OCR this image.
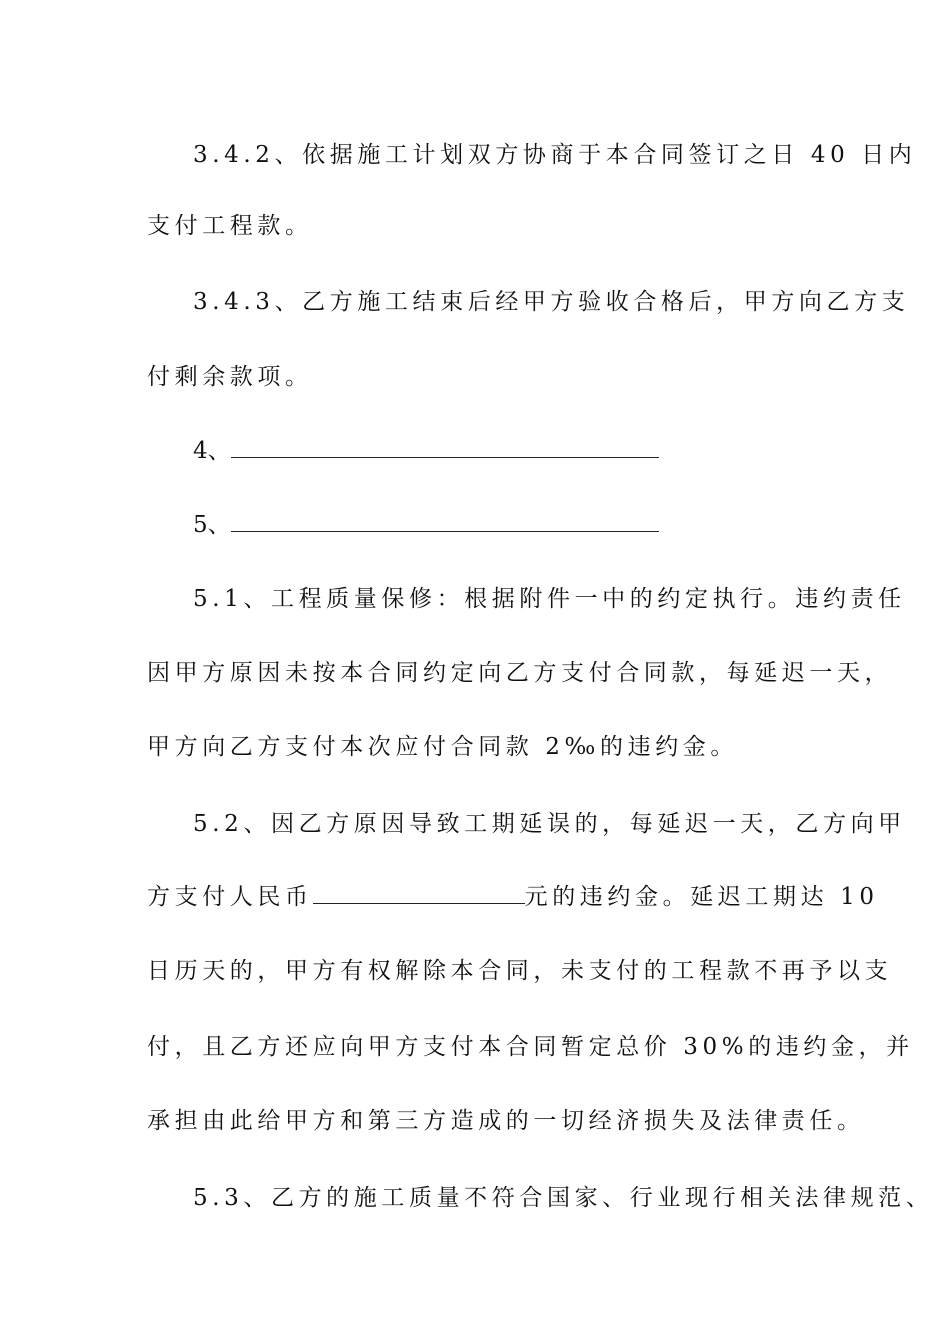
3.4.2、依据施工计划双方协商于本合同签订之日 40 日内
支付工程款。
3.4.3、乙方施工结束后经甲方验收合格后，甲方向乙方支
付剩余款项。
4、
5、
5.1、工程质量保修：根据附件一中的约定执行。违约责任
因甲方原因未按本合同约定向乙方支付合同款，每延迟一天，
甲方向乙方支付本次应付合同款 2‰的违约金。
5.2、因乙方原因导致工期延误的，每延迟一天，乙方向甲
方支付人民币	元的违约金。延迟工期达 10
日历天的，甲方有权解除本合同，未支付的工程款不再予以支
付，且乙方还应向甲方支付本合同暂定总价 30%的违约金，并
承担由此给甲方和第三方造成的一切经济损失及法律责任。
5.3、乙方的施工质量不符合国家、行业现行相关法律规范、
